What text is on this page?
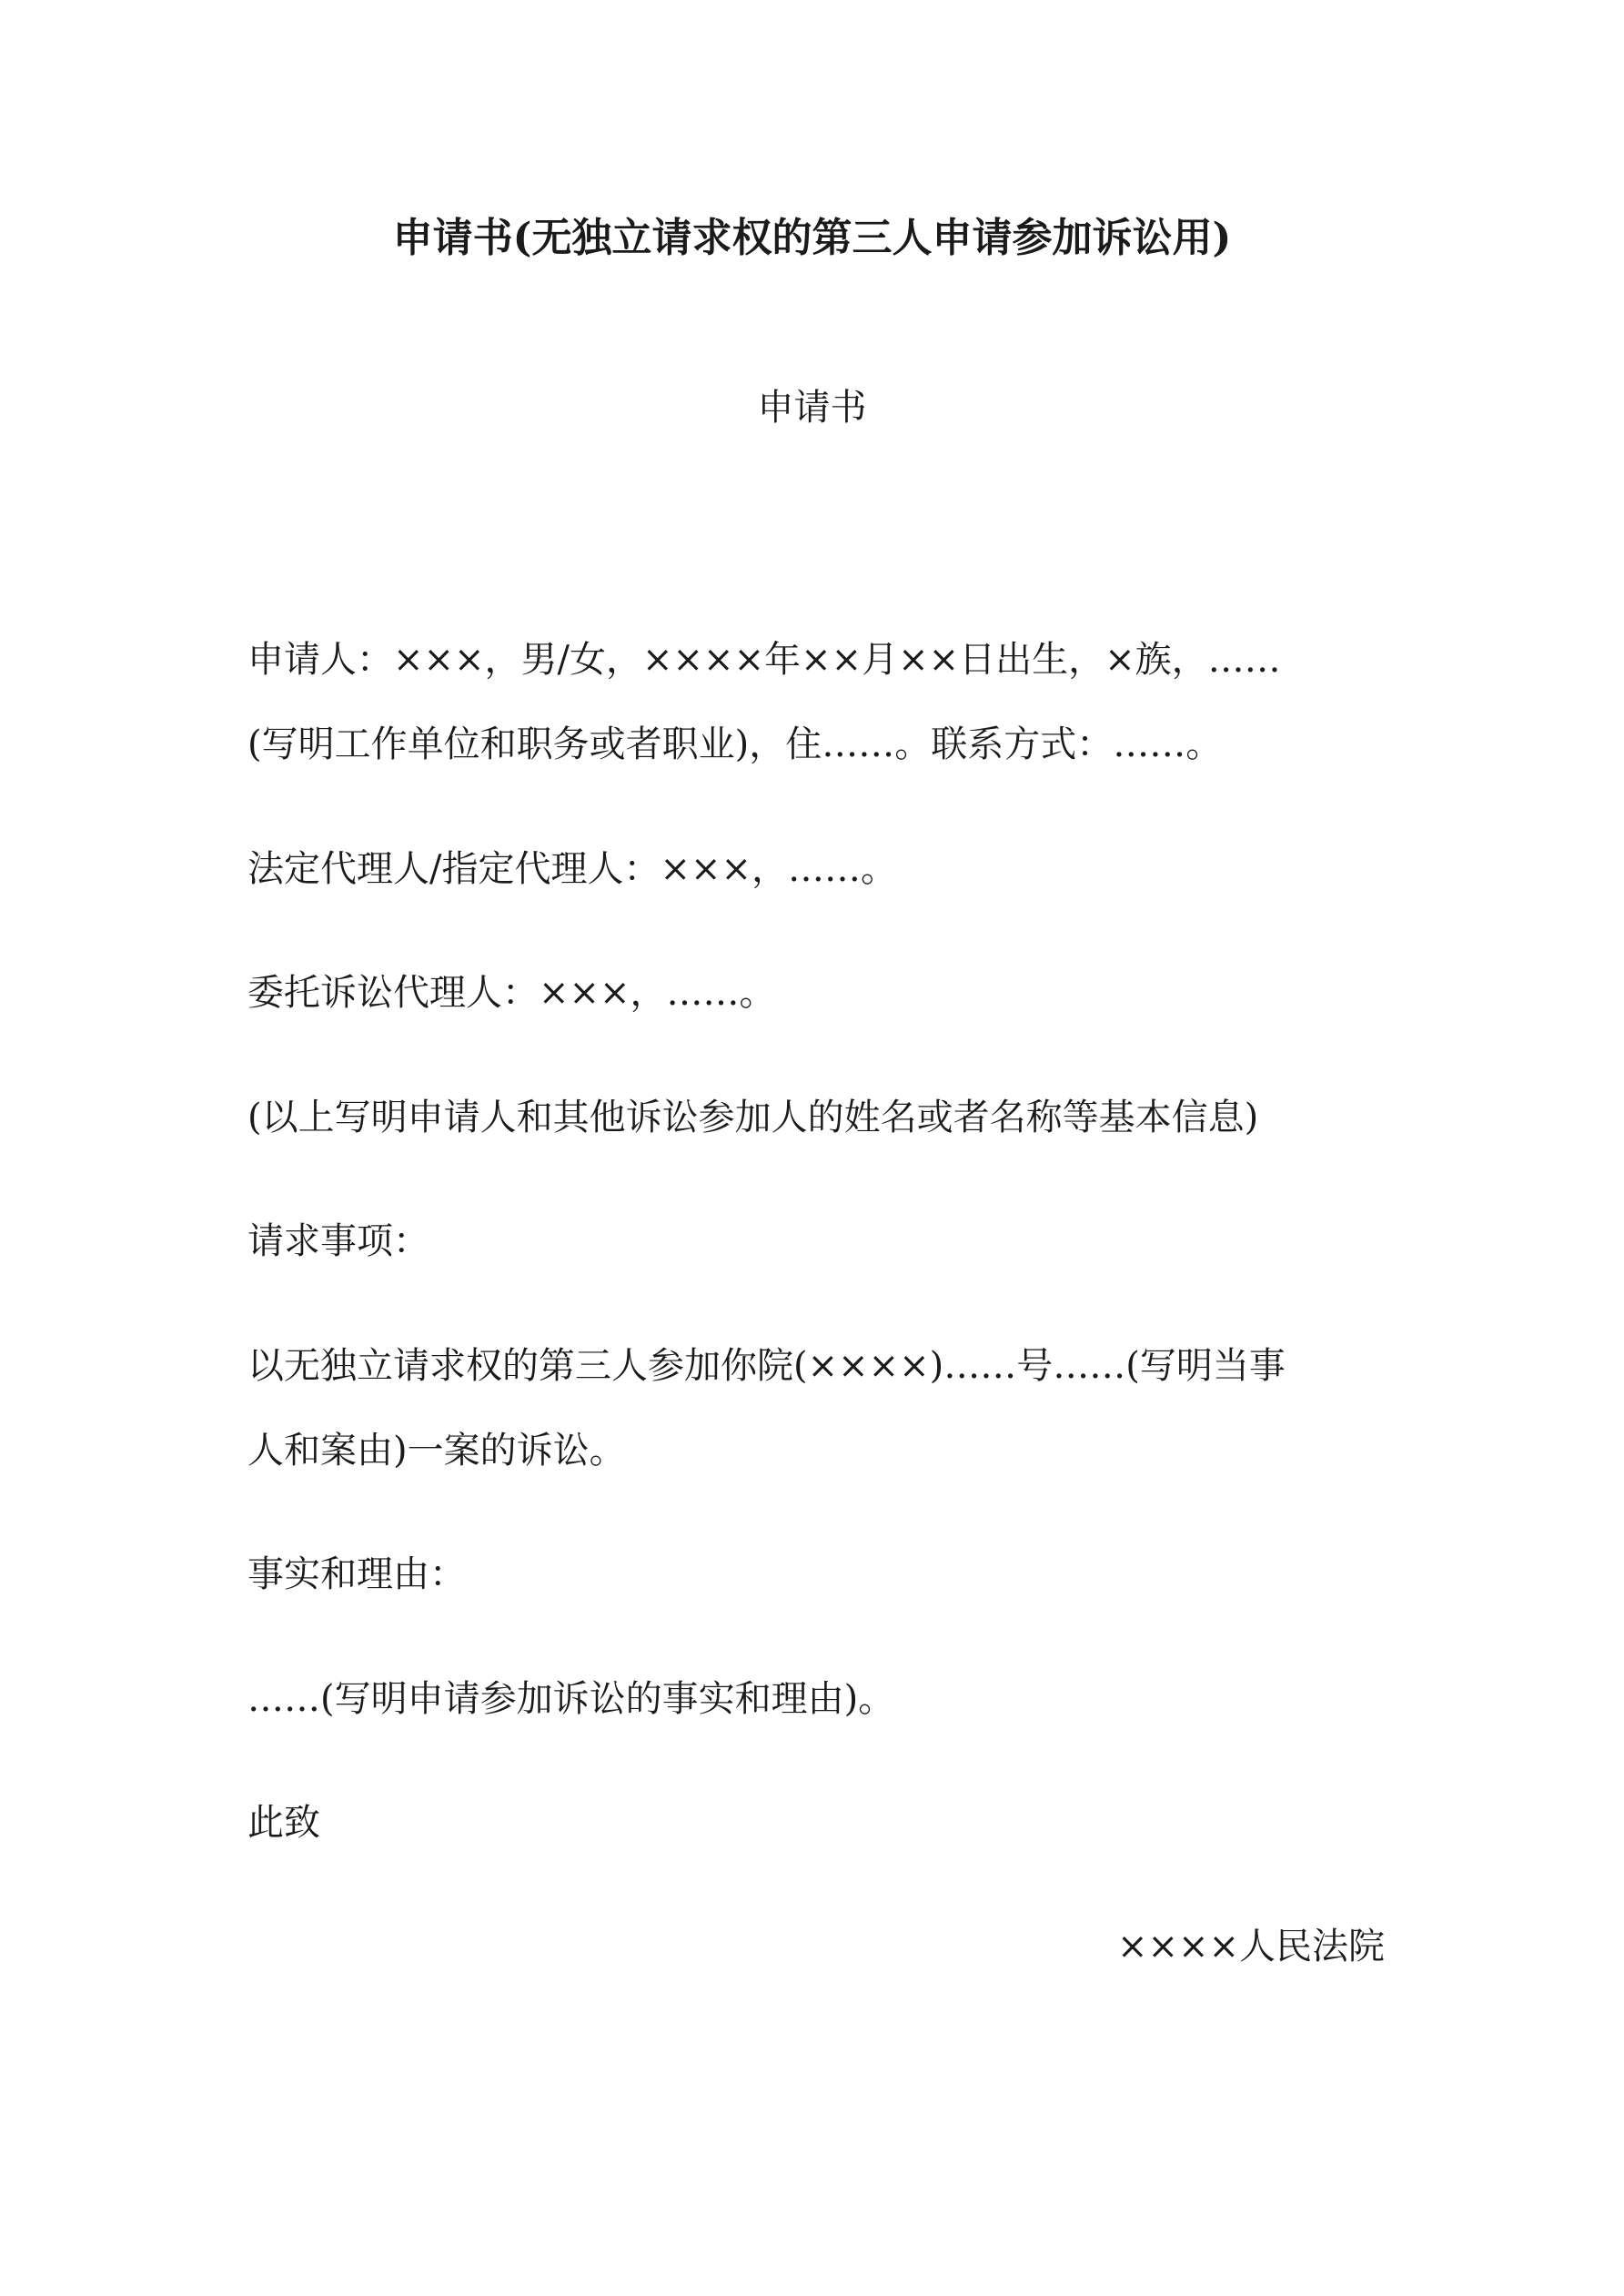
申请书(无独立请求权的第三人申请参加诉讼用)
申请书
申请人：×××，男/女，××××年××月××日出生，×族，……
(写明工作单位和职务或者职业)，住……。联系方式：……。
法定代理人/指定代理人：×××，……。
委托诉讼代理人：×××，……。
(以上写明申请人和其他诉讼参加人的姓名或者名称等基本信息)
请求事项：
以无独立请求权的第三人参加你院(××××)……号……(写明当事
人和案由)一案的诉讼。
事实和理由：
……(写明申请参加诉讼的事实和理由)。
此致
××××人民法院
